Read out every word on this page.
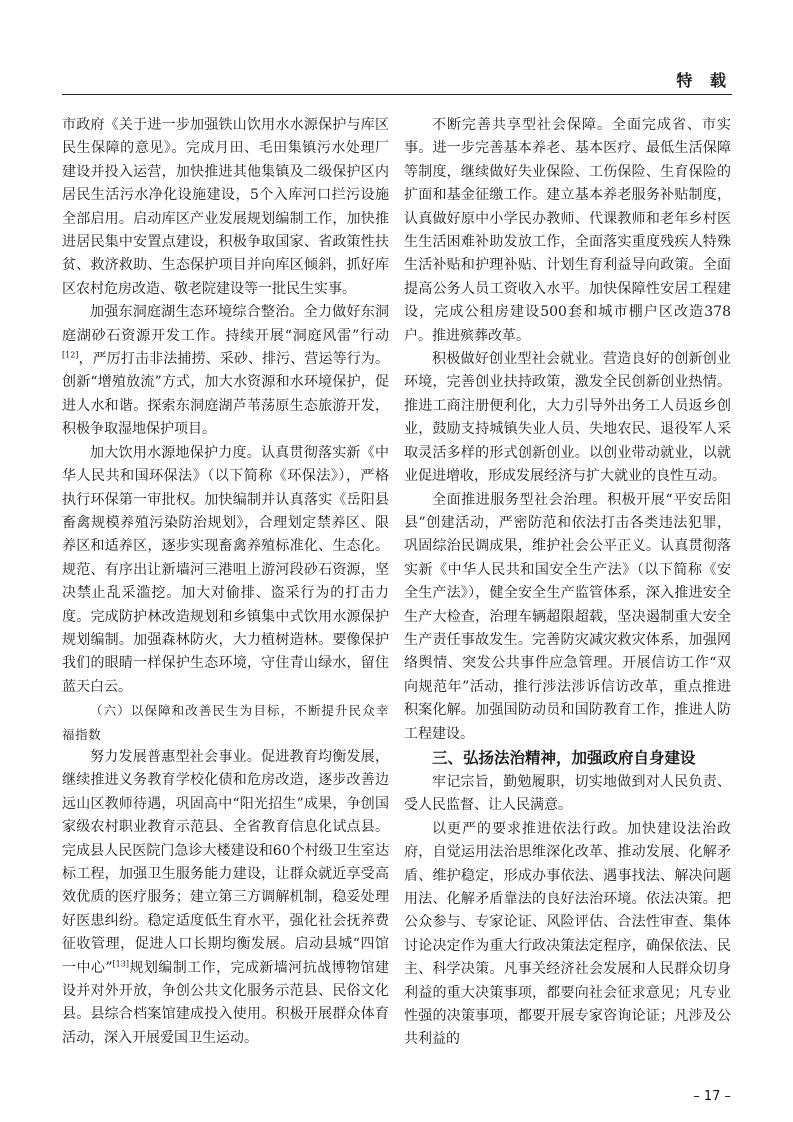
特 载

市政府《关于进一步加强铁山饮用水水源保护与库区民生保障的意见》。完成月田、毛田集镇污水处理厂建设并投入运营，加快推进其他集镇及二级保护区内居民生活污水净化设施建设，5个入库河口拦污设施全部启用。启动库区产业发展规划编制工作，加快推进居民集中安置点建设，积极争取国家、省政策性扶贫、救济救助、生态保护项目并向库区倾斜，抓好库区农村危房改造、敬老院建设等一批民生实事。

加强东洞庭湖生态环境综合整治。全力做好东洞庭湖砂石资源开发工作。持续开展“洞庭风雷”行动[12]，严厉打击非法捕捞、采砂、排污、营运等行为。创新“增殖放流”方式，加大水资源和水环境保护，促进人水和谐。探索东洞庭湖芦苇荡原生态旅游开发，积极争取湿地保护项目。

加大饮用水源地保护力度。认真贯彻落实新《中华人民共和国环保法》（以下简称《环保法》），严格执行环保第一审批权。加快编制并认真落实《岳阳县畜禽规模养殖污染防治规划》，合理划定禁养区、限养区和适养区，逐步实现畜禽养殖标准化、生态化。规范、有序出让新墙河三港咀上游河段砂石资源，坚决禁止乱采滥挖。加大对偷排、盗采行为的打击力度。完成防护林改造规划和乡镇集中式饮用水源保护规划编制。加强森林防火，大力植树造林。要像保护我们的眼睛一样保护生态环境，守住青山绿水，留住蓝天白云。

（六）以保障和改善民生为目标，不断提升民众幸福指数

努力发展普惠型社会事业。促进教育均衡发展，继续推进义务教育学校化债和危房改造，逐步改善边远山区教师待遇，巩固高中“阳光招生”成果，争创国家级农村职业教育示范县、全省教育信息化试点县。完成县人民医院门急诊大楼建设和60个村级卫生室达标工程，加强卫生服务能力建设，让群众就近享受高效优质的医疗服务；建立第三方调解机制，稳妥处理好医患纠纷。稳定适度低生育水平，强化社会抚养费征收管理，促进人口长期均衡发展。启动县城“四馆一中心”[13]规划编制工作，完成新墙河抗战博物馆建设并对外开放，争创公共文化服务示范县、民俗文化县。县综合档案馆建成投入使用。积极开展群众体育活动，深入开展爱国卫生运动。

不断完善共享型社会保障。全面完成省、市实事。进一步完善基本养老、基本医疗、最低生活保障等制度，继续做好失业保险、工伤保险、生育保险的扩面和基金征缴工作。建立基本养老服务补贴制度，认真做好原中小学民办教师、代课教师和老年乡村医生生活困难补助发放工作，全面落实重度残疾人特殊生活补贴和护理补贴、计划生育利益导向政策。全面提高公务人员工资收入水平。加快保障性安居工程建设，完成公租房建设500套和城市棚户区改造378户。推进殡葬改革。

积极做好创业型社会就业。营造良好的创新创业环境，完善创业扶持政策，激发全民创新创业热情。推进工商注册便利化，大力引导外出务工人员返乡创业，鼓励支持城镇失业人员、失地农民、退役军人采取灵活多样的形式创新创业。以创业带动就业，以就业促进增收，形成发展经济与扩大就业的良性互动。

全面推进服务型社会治理。积极开展“平安岳阳县”创建活动，严密防范和依法打击各类违法犯罪，巩固综治民调成果，维护社会公平正义。认真贯彻落实新《中华人民共和国安全生产法》（以下简称《安全生产法》），健全安全生产监管体系，深入推进安全生产大检查，治理车辆超限超载，坚决遏制重大安全生产责任事故发生。完善防灾减灾救灾体系，加强网络舆情、突发公共事件应急管理。开展信访工作“双向规范年”活动，推行涉法涉诉信访改革，重点推进积案化解。加强国防动员和国防教育工作，推进人防工程建设。

三、弘扬法治精神，加强政府自身建设

牢记宗旨，勤勉履职，切实地做到对人民负责、受人民监督、让人民满意。

以更严的要求推进依法行政。加快建设法治政府，自觉运用法治思维深化改革、推动发展、化解矛盾、维护稳定，形成办事依法、遇事找法、解决问题用法、化解矛盾靠法的良好法治环境。依法决策。把公众参与、专家论证、风险评估、合法性审查、集体讨论决定作为重大行政决策法定程序，确保依法、民主、科学决策。凡事关经济社会发展和人民群众切身利益的重大决策事项，都要向社会征求意见；凡专业性强的决策事项，都要开展专家咨询论证；凡涉及公共利益的

– 17 –
